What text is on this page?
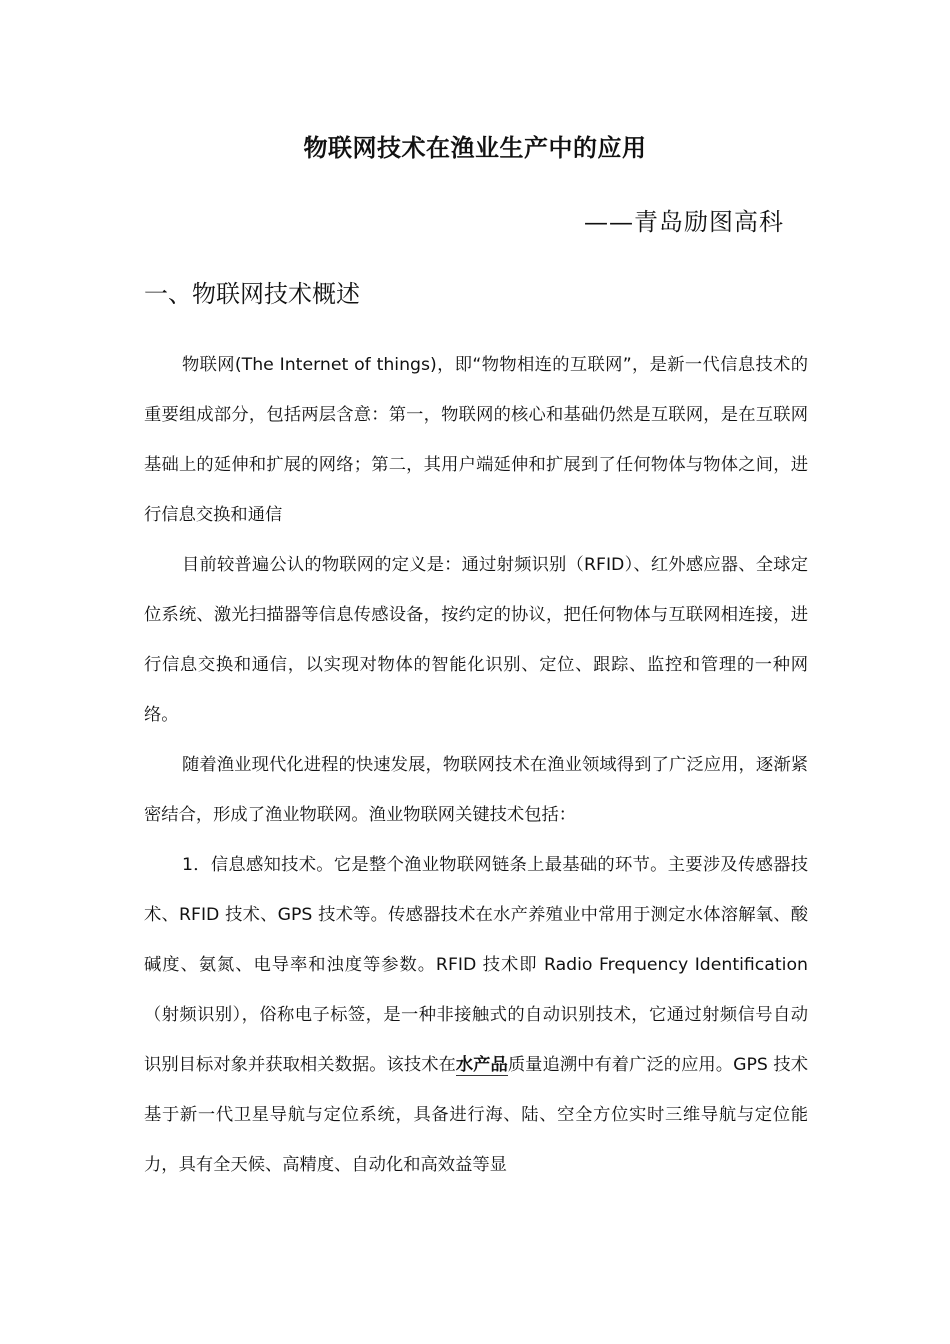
物联网技术在渔业生产中的应用

——青岛励图高科

一、物联网技术概述

物联网(The Internet of things)，即“物物相连的互联网”，是新一代信息技术的重要组成部分，包括两层含意：第一，物联网的核心和基础仍然是互联网，是在互联网基础上的延伸和扩展的网络；第二，其用户端延伸和扩展到了任何物体与物体之间，进行信息交换和通信

目前较普遍公认的物联网的定义是：通过射频识别（RFID）、红外感应器、全球定位系统、激光扫描器等信息传感设备，按约定的协议，把任何物体与互联网相连接，进行信息交换和通信，以实现对物体的智能化识别、定位、跟踪、监控和管理的一种网络。

随着渔业现代化进程的快速发展，物联网技术在渔业领域得到了广泛应用，逐渐紧密结合，形成了渔业物联网。渔业物联网关键技术包括：

1．信息感知技术。它是整个渔业物联网链条上最基础的环节。主要涉及传感器技术、RFID 技术、GPS 技术等。传感器技术在水产养殖业中常用于测定水体溶解氧、酸碱度、氨氮、电导率和浊度等参数。RFID 技术即 Radio Frequency Identification（射频识别），俗称电子标签，是一种非接触式的自动识别技术，它通过射频信号自动识别目标对象并获取相关数据。该技术在水产品质量追溯中有着广泛的应用。GPS 技术基于新一代卫星导航与定位系统，具备进行海、陆、空全方位实时三维导航与定位能力，具有全天候、高精度、自动化和高效益等显
